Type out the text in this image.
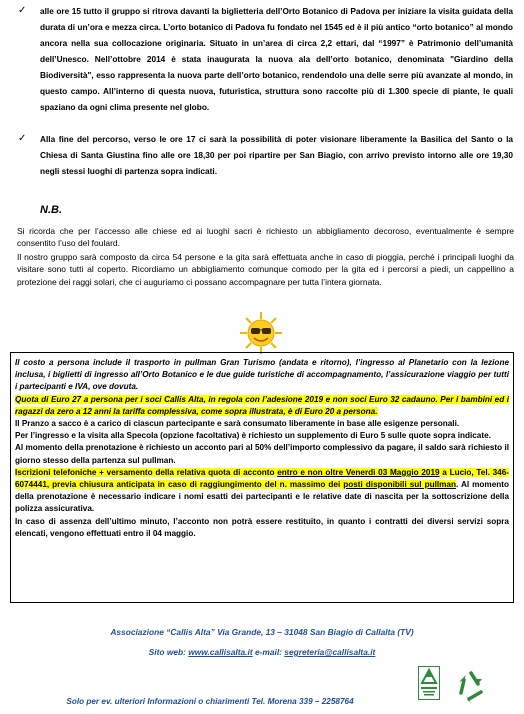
✓ alle ore 15 tutto il gruppo si ritrova davanti la biglietteria dell’Orto Botanico di Padova per iniziare la visita guidata della durata di un’ora e mezza circa. L’orto botanico di Padova fu fondato nel 1545 ed è il più antico “orto botanico” al mondo ancora nella sua collocazione originaria. Situato in un’area di circa 2,2 ettari, dal “1997” è Patrimonio dell’umanità dell’Unesco. Nell’ottobre 2014 è stata inaugurata la nuova ala dell’orto botanico, denominata "Giardino della Biodiversità", esso rappresenta la nuova parte dell’orto botanico, rendendolo una delle serre più avanzate al mondo, in questo campo. All’interno di questa nuova, futuristica, struttura sono raccolte più di 1.300 specie di piante, le quali spaziano da ogni clima presente nel globo.
✓ Alla fine del percorso, verso le ore 17 ci sarà la possibilità di poter visionare liberamente la Basilica del Santo o la Chiesa di Santa Giustina fino alle ore 18,30 per poi ripartire per San Biagio, con arrivo previsto intorno alle ore 19,30 negli stessi luoghi di partenza sopra indicati.
N.B.
Si ricorda che per l’accesso alle chiese ed ai luoghi sacri è richiesto un abbigliamento decoroso, eventualmente è sempre consentito l’uso del foulard.
Il nostro gruppo sarà composto da circa 54 persone e la gita sarà effettuata anche in caso di pioggia, perché i principali luoghi da visitare sono tutti al coperto. Ricordiamo un abbigliamento comunque comodo per la gita ed i percorsi a piedi, un cappellino a protezione dei raggi solari, che ci auguriamo ci possano accompagnare per tutta l’intera giornata.

Il costo a persona include il trasporto in pullman Gran Turismo (andata e ritorno), l’ingresso al Planetario con la lezione inclusa, i biglietti di ingresso all’Orto Botanico e le due guide turistiche di accompagnamento, l’assicurazione viaggio per tutti i partecipanti e IVA, ove dovuta.

Quota di Euro 27 a persona per i soci Callis Alta, in regola con l’adesione 2019 e non soci Euro 32 cadauno. Per i bambini ed i ragazzi da zero a 12 anni la tariffa complessiva, come sopra illustrata, è di Euro 20 a persona.

Il Pranzo a sacco è a carico di ciascun partecipante e sarà consumato liberamente in base alle esigenze personali.

Per l’ingresso e la visita alla Specola (opzione facoltativa) è richiesto un supplemento di Euro 5 sulle quote sopra indicate.

Al momento della prenotazione è richiesto un acconto pari al 50% dell’importo complessivo da pagare, il saldo sarà richiesto il giorno stesso della partenza sul pullman.

Iscrizioni telefoniche + versamento della relativa quota di acconto entro e non oltre Venerdì 03 Maggio 2019 a Lucio, Tel. 346-6074441, previa chiusura anticipata in caso di raggiungimento del n. massimo dei posti disponibili sul pullman. Al momento della prenotazione è necessario indicare i nomi esatti dei partecipanti e le relative date di nascita per la sottoscrizione della polizza assicurativa.

In caso di assenza dell’ultimo minuto, l’acconto non potrà essere restituito, in quanto i contratti dei diversi servizi sopra elencati, vengono effettuati entro il 04 maggio.

Associazione “Callis Alta” Via Grande, 13 – 31048 San Biagio di Callalta (TV)
Sito web: www.callisalta.it e-mail: segreteria@callisalta.it
Solo per ev. ulteriori Informazioni o chiarimenti Tel. Morena 339 – 2258764
